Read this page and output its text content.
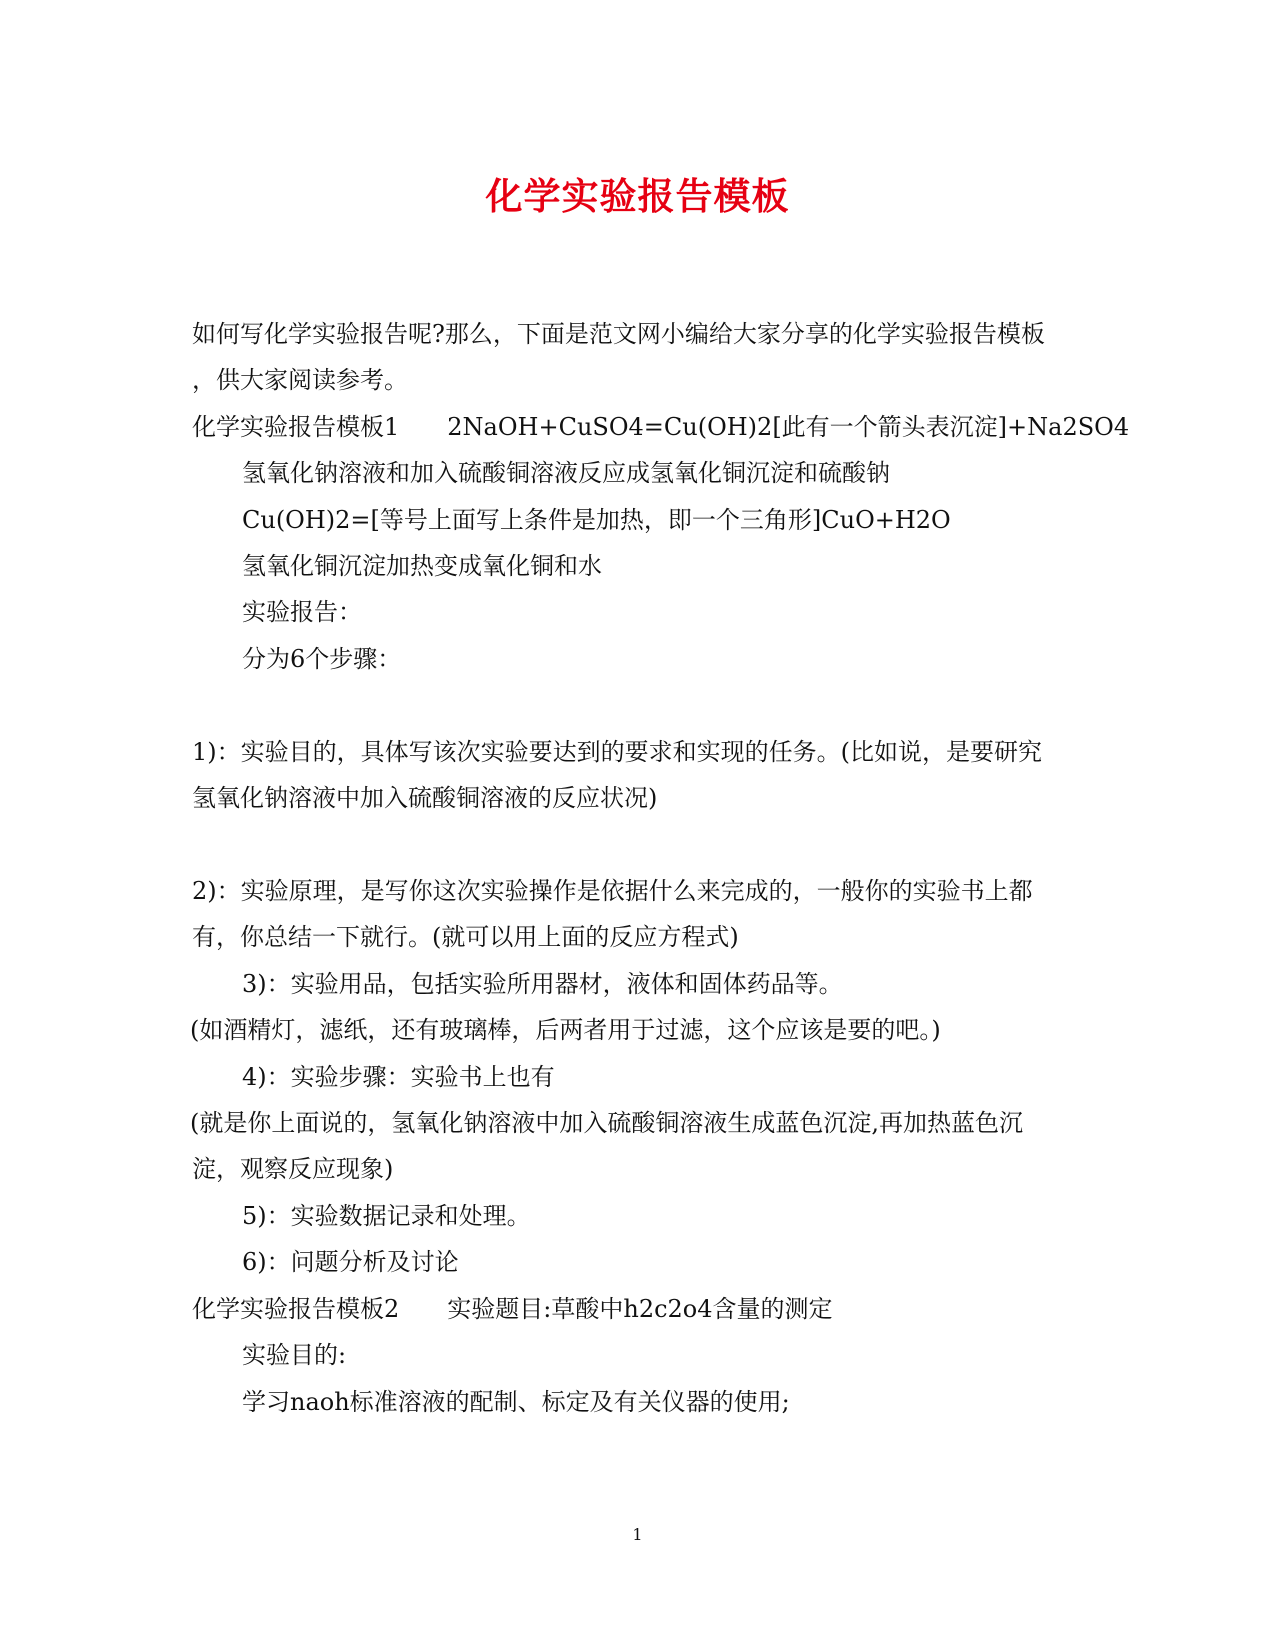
化学实验报告模板
如何写化学实验报告呢?那么，下面是范文网小编给大家分享的化学实验报告模板
，供大家阅读参考。
化学实验报告模板1 2NaOH+CuSO4=Cu(OH)2[此有一个箭头表沉淀]+Na2SO4
氢氧化钠溶液和加入硫酸铜溶液反应成氢氧化铜沉淀和硫酸钠
Cu(OH)2=[等号上面写上条件是加热，即一个三角形]CuO+H2O
氢氧化铜沉淀加热变成氧化铜和水
实验报告：
分为6个步骤：
1)：实验目的，具体写该次实验要达到的要求和实现的任务。(比如说，是要研究
氢氧化钠溶液中加入硫酸铜溶液的反应状况)
2)：实验原理，是写你这次实验操作是依据什么来完成的，一般你的实验书上都
有，你总结一下就行。(就可以用上面的反应方程式)
3)：实验用品，包括实验所用器材，液体和固体药品等。
(如酒精灯，滤纸，还有玻璃棒，后两者用于过滤，这个应该是要的吧。)
4)：实验步骤：实验书上也有
(就是你上面说的，氢氧化钠溶液中加入硫酸铜溶液生成蓝色沉淀,再加热蓝色沉
淀，观察反应现象)
5)：实验数据记录和处理。
6)：问题分析及讨论
化学实验报告模板2 实验题目:草酸中h2c2o4含量的测定
实验目的:
学习naoh标准溶液的配制、标定及有关仪器的使用;
1
